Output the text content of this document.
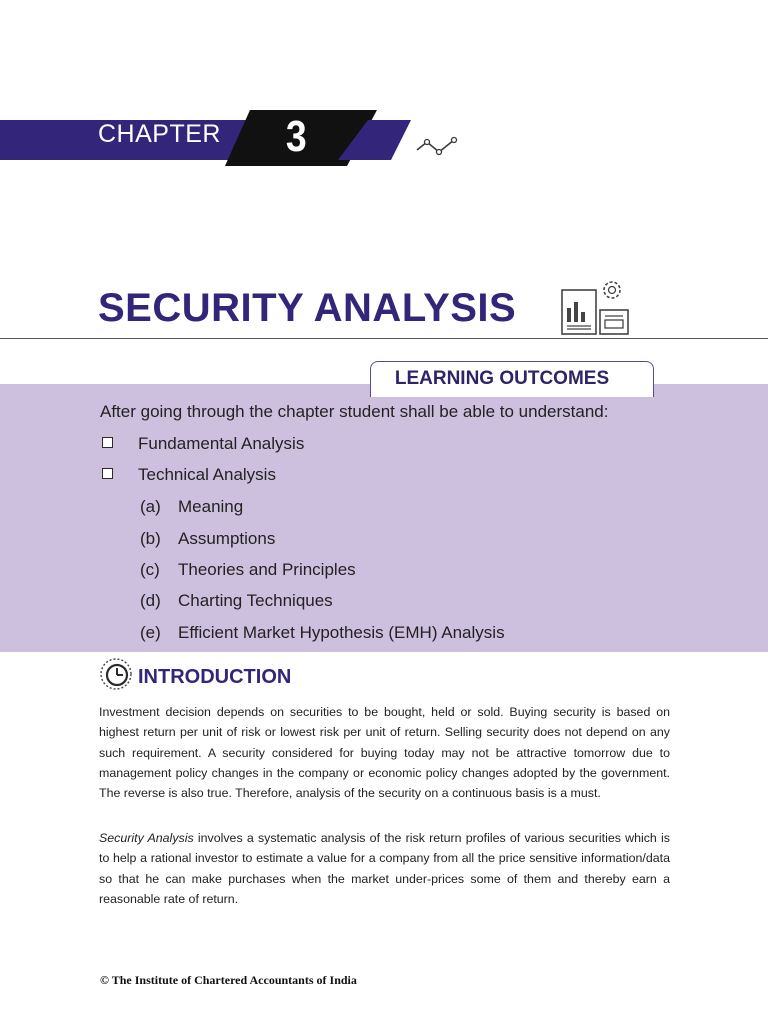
CHAPTER 3
SECURITY ANALYSIS
LEARNING OUTCOMES
After going through the chapter student shall be able to understand:
Fundamental Analysis
Technical Analysis
(a) Meaning
(b) Assumptions
(c) Theories and Principles
(d) Charting Techniques
(e) Efficient Market Hypothesis (EMH) Analysis
INTRODUCTION

Investment decision depends on securities to be bought, held or sold. Buying security is based on highest return per unit of risk or lowest risk per unit of return. Selling security does not depend on any such requirement. A security considered for buying today may not be attractive tomorrow due to management policy changes in the company or economic policy changes adopted by the government. The reverse is also true. Therefore, analysis of the security on a continuous basis is a must.

Security Analysis involves a systematic analysis of the risk return profiles of various securities which is to help a rational investor to estimate a value for a company from all the price sensitive information/data so that he can make purchases when the market under-prices some of them and thereby earn a reasonable rate of return.

© The Institute of Chartered Accountants of India
